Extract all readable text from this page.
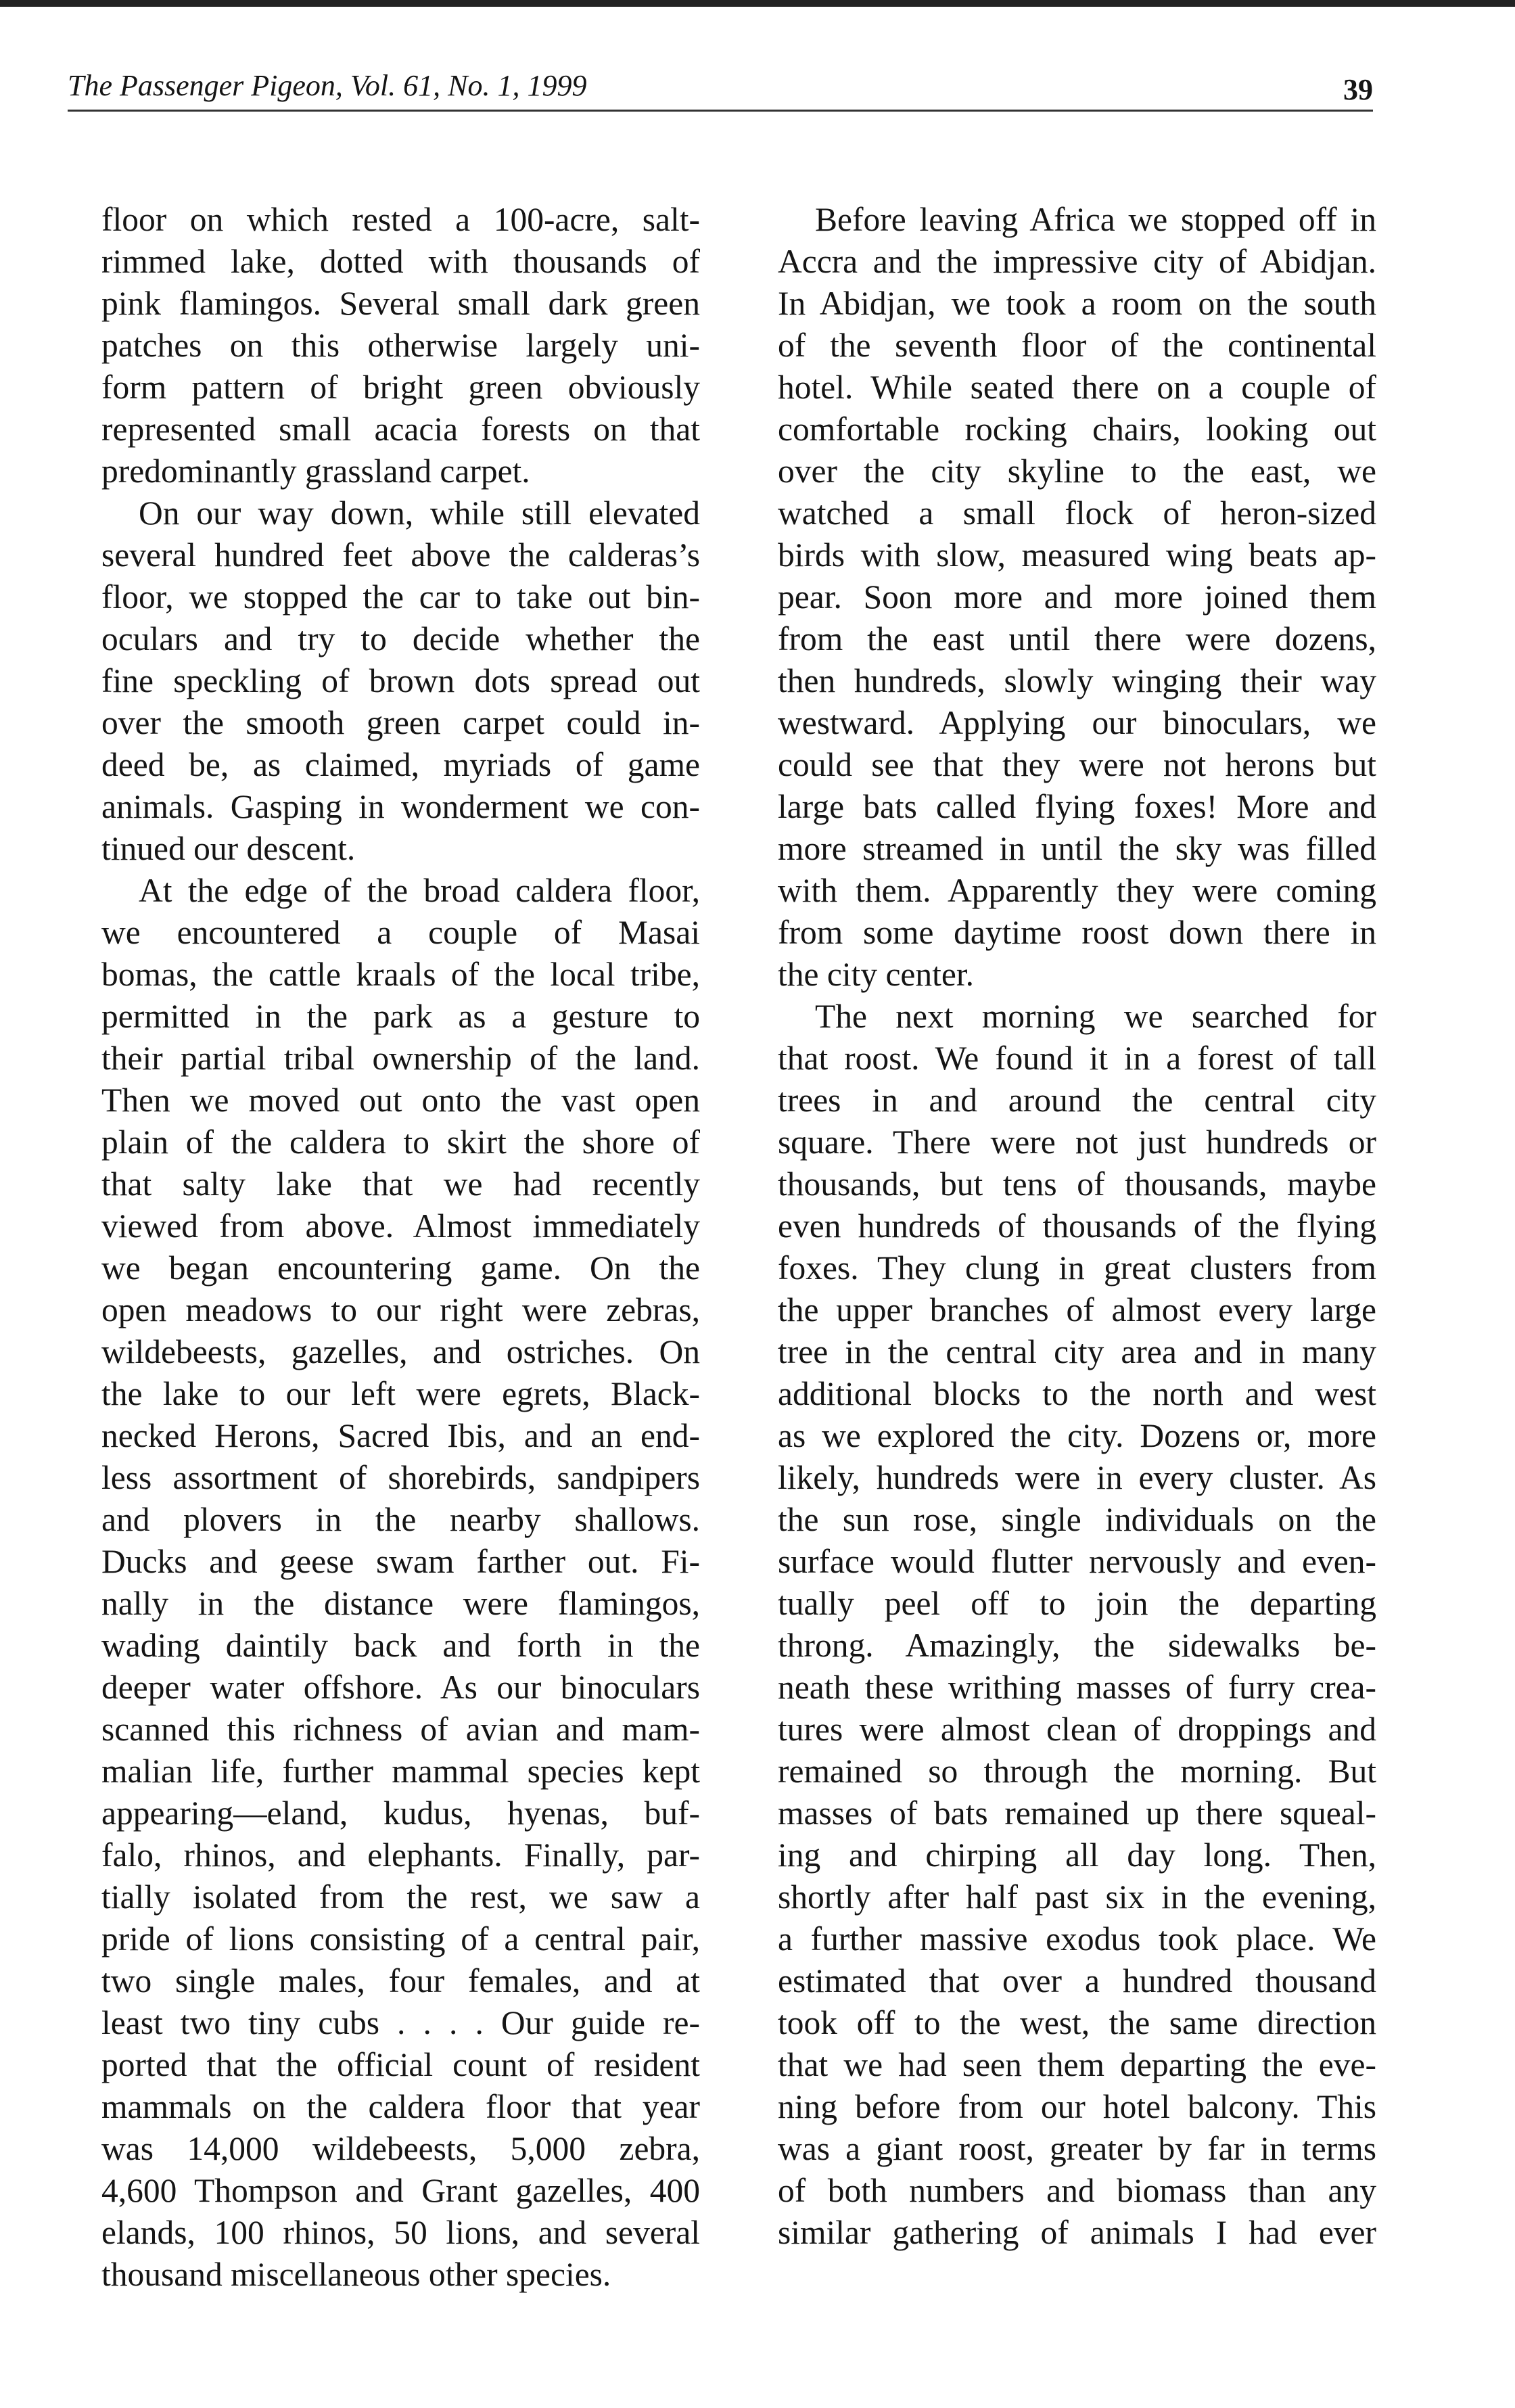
The Passenger Pigeon, Vol. 61, No. 1, 1999	39
floor on which rested a 100-acre, salt-
rimmed lake, dotted with thousands of
pink flamingos. Several small dark green
patches on this otherwise largely uni-
form pattern of bright green obviously
represented small acacia forests on that
predominantly grassland carpet.
On our way down, while still elevated
several hundred feet above the calderas’s
floor, we stopped the car to take out bin-
oculars and try to decide whether the
fine speckling of brown dots spread out
over the smooth green carpet could in-
deed be, as claimed, myriads of game
animals. Gasping in wonderment we con-
tinued our descent.
At the edge of the broad caldera floor,
we encountered a couple of Masai
bomas, the cattle kraals of the local tribe,
permitted in the park as a gesture to
their partial tribal ownership of the land.
Then we moved out onto the vast open
plain of the caldera to skirt the shore of
that salty lake that we had recently
viewed from above. Almost immediately
we began encountering game. On the
open meadows to our right were zebras,
wildebeests, gazelles, and ostriches. On
the lake to our left were egrets, Black-
necked Herons, Sacred Ibis, and an end-
less assortment of shorebirds, sandpipers
and plovers in the nearby shallows.
Ducks and geese swam farther out. Fi-
nally in the distance were flamingos,
wading daintily back and forth in the
deeper water offshore. As our binoculars
scanned this richness of avian and mam-
malian life, further mammal species kept
appearing—eland, kudus, hyenas, buf-
falo, rhinos, and elephants. Finally, par-
tially isolated from the rest, we saw a
pride of lions consisting of a central pair,
two single males, four females, and at
least two tiny cubs . . . . Our guide re-
ported that the official count of resident
mammals on the caldera floor that year
was 14,000 wildebeests, 5,000 zebra,
4,600 Thompson and Grant gazelles, 400
elands, 100 rhinos, 50 lions, and several
thousand miscellaneous other species.
Before leaving Africa we stopped off in
Accra and the impressive city of Abidjan.
In Abidjan, we took a room on the south
of the seventh floor of the continental
hotel. While seated there on a couple of
comfortable rocking chairs, looking out
over the city skyline to the east, we
watched a small flock of heron-sized
birds with slow, measured wing beats ap-
pear. Soon more and more joined them
from the east until there were dozens,
then hundreds, slowly winging their way
westward. Applying our binoculars, we
could see that they were not herons but
large bats called flying foxes! More and
more streamed in until the sky was filled
with them. Apparently they were coming
from some daytime roost down there in
the city center.
The next morning we searched for
that roost. We found it in a forest of tall
trees in and around the central city
square. There were not just hundreds or
thousands, but tens of thousands, maybe
even hundreds of thousands of the flying
foxes. They clung in great clusters from
the upper branches of almost every large
tree in the central city area and in many
additional blocks to the north and west
as we explored the city. Dozens or, more
likely, hundreds were in every cluster. As
the sun rose, single individuals on the
surface would flutter nervously and even-
tually peel off to join the departing
throng. Amazingly, the sidewalks be-
neath these writhing masses of furry crea-
tures were almost clean of droppings and
remained so through the morning. But
masses of bats remained up there squeal-
ing and chirping all day long. Then,
shortly after half past six in the evening,
a further massive exodus took place. We
estimated that over a hundred thousand
took off to the west, the same direction
that we had seen them departing the eve-
ning before from our hotel balcony. This
was a giant roost, greater by far in terms
of both numbers and biomass than any
similar gathering of animals I had ever
